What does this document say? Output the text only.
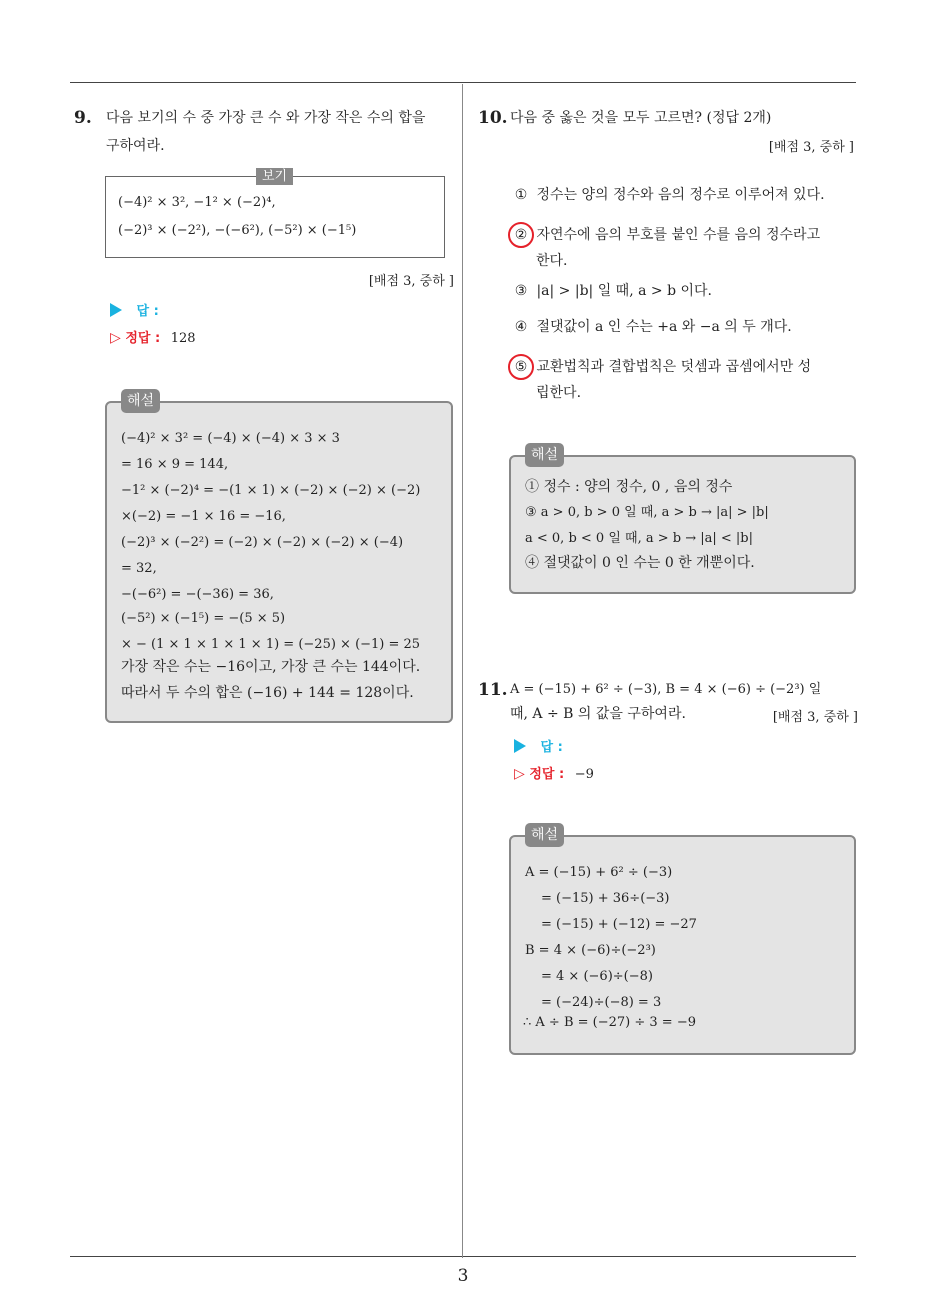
3
9. 다음 보기의 수 중 가장 큰 수 와 가장 작은 수의 합을
구하여라.
보기
(−4)² × 3², −1² × (−2)⁴,
(−2)³ × (−2²), −(−6²), (−5²) × (−1⁵)
[배점 3, 중하 ]
답 :
▷ 정답 : 128
해설
(−4)² × 3² = (−4) × (−4) × 3 × 3
= 16 × 9 = 144,
−1² × (−2)⁴ = −(1 × 1) × (−2) × (−2) × (−2)
×(−2) = −1 × 16 = −16,
(−2)³ × (−2²) = (−2) × (−2) × (−2) × (−4)
= 32,
−(−6²) = −(−36) = 36,
(−5²) × (−1⁵) = −(5 × 5)
× − (1 × 1 × 1 × 1 × 1) = (−25) × (−1) = 25
가장 작은 수는 −16이고, 가장 큰 수는 144이다.
따라서 두 수의 합은 (−16) + 144 = 128이다.
10. 다음 중 옳은 것을 모두 고르면? (정답 2개)
[배점 3, 중하 ]
① 정수는 양의 정수와 음의 정수로 이루어져 있다.
② 자연수에 음의 부호를 붙인 수를 음의 정수라고
한다.
③ |a| > |b| 일 때, a > b 이다.
④ 절댓값이 a 인 수는 +a 와 −a 의 두 개다.
⑤ 교환법칙과 결합법칙은 덧셈과 곱셈에서만 성
립한다.
해설
① 정수 : 양의 정수, 0 , 음의 정수
③ a > 0, b > 0 일 때, a > b → |a| > |b|
a < 0, b < 0 일 때, a > b → |a| < |b|
④ 절댓값이 0 인 수는 0 한 개뿐이다.
11. A = (−15) + 6² ÷ (−3), B = 4 × (−6) ÷ (−2³) 일
때, A ÷ B 의 값을 구하여라.	[배점 3, 중하 ]
답 :
▷ 정답 : −9
해설
A = (−15) + 6² ÷ (−3)
= (−15) + 36÷(−3)
= (−15) + (−12) = −27
B = 4 × (−6)÷(−2³)
= 4 × (−6)÷(−8)
= (−24)÷(−8) = 3
∴ A ÷ B = (−27) ÷ 3 = −9
